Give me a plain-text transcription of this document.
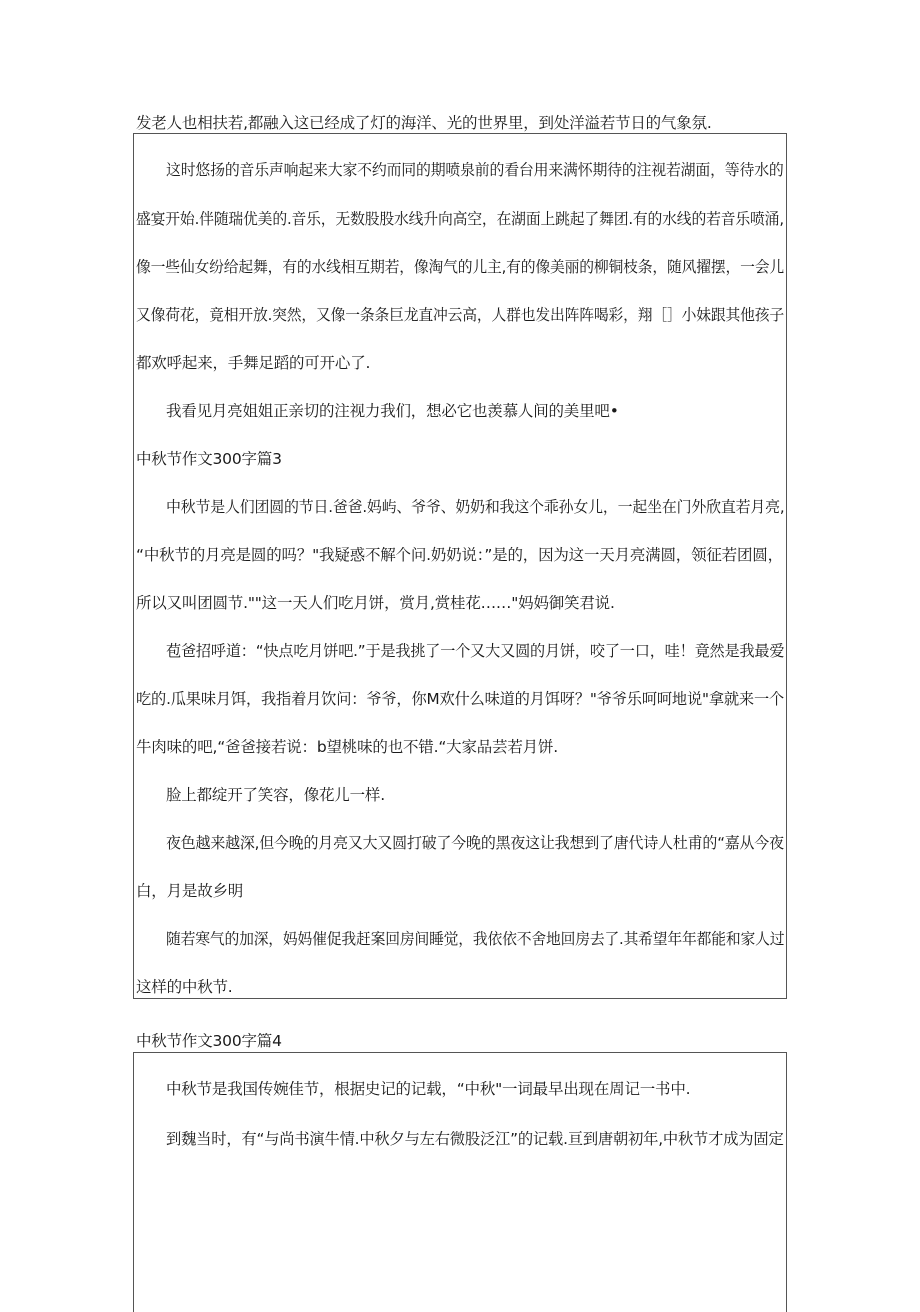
发老人也相扶若,都融入这已经成了灯的海洋、光的世界里，到处洋溢若节日的气象氛.
这时悠扬的音乐声响起来大家不约而同的期喷泉前的看台用来满怀期待的注视若湖面，等待水的
盛宴开始.伴随瑞优美的.音乐，无数股股水线升向高空，在湖面上跳起了舞团.有的水线的若音乐喷涌,
像一些仙女纷给起舞，有的水线相互期若，像淘气的儿主,有的像美丽的柳铜枝条，随风擢摆，一会儿
又像荷花，竟相开放.突然，又像一条条巨龙直冲云高，人群也发出阵阵喝彩，翔［］小妹跟其他孩子
都欢呼起来，手舞足蹈的可开心了.
我看见月亮姐姐正亲切的注视力我们，想必它也羡慕人间的美里吧•
中秋节作文300字篇3
中秋节是人们团圆的节日.爸爸.妈屿、爷爷、奶奶和我这个乖孙女儿，一起坐在门外欣直若月亮,
“中秋节的月亮是圆的吗？"我疑惑不解个问.奶奶说：”是的，因为这一天月亮满圆，领征若团圆，
所以又叫团圆节.""这一天人们吃月饼，赏月,赏桂花……"妈妈御笑君说.
苞爸招呼道：“快点吃月饼吧.”于是我挑了一个又大又圆的月饼，咬了一口，哇！竟然是我最爱
吃的.瓜果味月饵，我指着月饮问：爷爷，你M欢什么味道的月饵呀？"爷爷乐呵呵地说"拿就来一个
牛肉味的吧,“爸爸接若说：b望桃味的也不错.“大家品芸若月饼.
脸上都绽开了笑容，像花儿一样.
夜色越来越深,但今晚的月亮又大又圆打破了今晚的黑夜这让我想到了唐代诗人杜甫的“嘉从今夜
白，月是故乡明
随若寒气的加深，妈妈催促我赶案回房间睡觉，我依依不舍地回房去了.其希望年年都能和家人过
这样的中秋节.
中秋节作文300字篇4
中秋节是我国传婉佳节，根据史记的记载，“中秋"一词最早出现在周记一书中.
到魏当时，有“与尚书演牛情.中秋夕与左右微股泛江”的记载.亘到唐朝初年,中秋节才成为固定
